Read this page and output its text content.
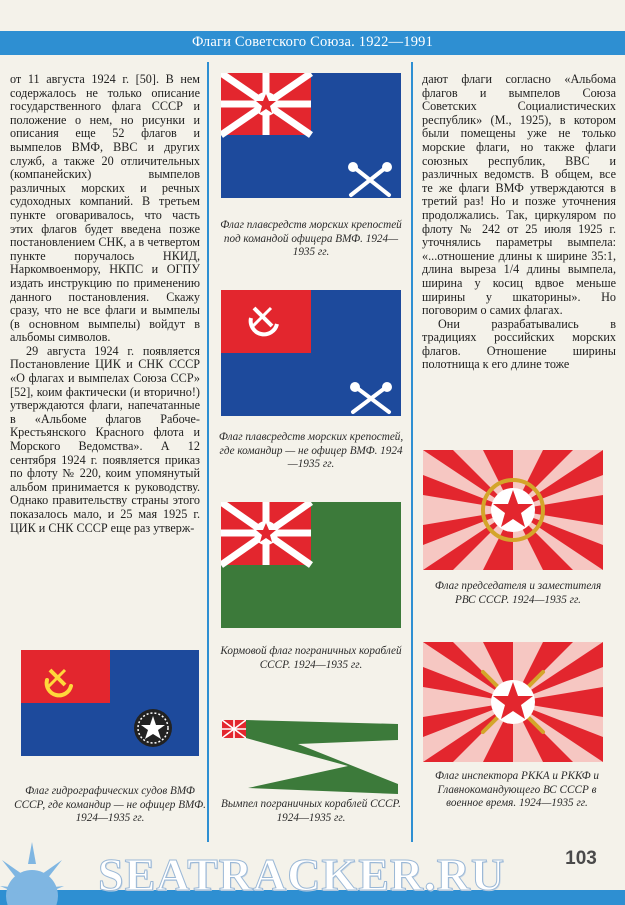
Флаги Советского Союза. 1922—1991

от 11 августа 1924 г. [50]. В нем содержалось не только описание государственного флага СССР и положение о нем, но рисунки и описания еще 52 флагов и вымпелов ВМФ, ВВС и других служб, а также 20 отличительных (компанейских) вымпелов различных морских и речных судоходных компаний. В третьем пункте оговаривалось, что часть этих флагов будет введена позже постановлением СНК, а в четвертом пункте поручалось НКИД, Наркомвоенмору, НКПС и ОГПУ издать инструкцию по применению данного постановления. Скажу сразу, что не все флаги и вымпелы (в основном вымпелы) войдут в альбомы символов.

29 августа 1924 г. появляется Постановление ЦИК и СНК СССР «О флагах и вымпелах Союза ССР» [52], коим фактически (и вторично!) утверждаются флаги, напечатанные в «Альбоме флагов Рабоче-Крестьянского Красного флота и Морского Ведомства». А 12 сентября 1924 г. появляется приказ по флоту № 220, коим упомянутый альбом принимается к руководству. Однако правительству страны этого показалось мало, и 25 мая 1925 г. ЦИК и СНК СССР еще раз утверж-

Флаг гидрографических судов ВМФ СССР, где командир — не офицер ВМФ. 1924—1935 гг.
Флаг плавсредств морских крепостей под командой офицера ВМФ. 1924—1935 гг.
Флаг плавсредств морских крепостей, где командир — не офицер ВМФ. 1924—1935 гг.
Кормовой флаг пограничных кораблей СССР. 1924—1935 гг.
Вымпел пограничных кораблей СССР. 1924—1935 гг.

дают флаги согласно «Альбома флагов и вымпелов Союза Советских Социалистических республик» (М., 1925), в котором были помещены уже не только морские флаги, но также флаги союзных республик, ВВС и различных ведомств. В общем, все те же флаги ВМФ утверждаются в третий раз! Но и позже уточнения продолжались. Так, циркуляром по флоту № 242 от 25 июля 1925 г. уточнялись параметры вымпела: «...отношение длины к ширине 35:1, длина выреза 1/4 длины вымпела, ширина у косиц вдвое меньше ширины у шкаторины». Но поговорим о самих флагах.

Они разрабатывались в традициях российских морских флагов. Отношение ширины полотнища к его длине тоже

Флаг председателя и заместителя РВС СССР. 1924—1935 гг.
Флаг инспектора РККА и РККФ и Главнокомандующего ВС СССР в военное время. 1924—1935 гг.
SEATRACKER.RU	103
